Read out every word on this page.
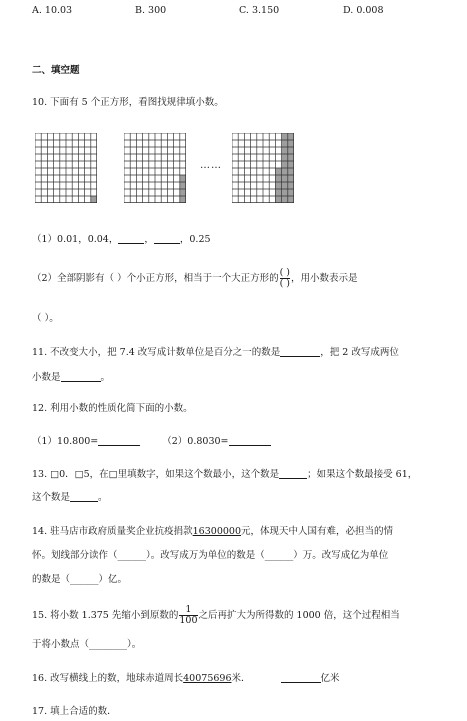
A. 10.03	B. 300	C. 3.150	D. 0.008
二、填空题
10. 下面有 5 个正方形，看图找规律填小数。
……
（1）0.01，0.04，	，	，0.25
（2）全部阴影有（ ）个小正方形，相当于一个大正方形的 $\frac{( )}{( )}$ ，用小数表示是
（ ）。
11. 不改变大小，把 7.4 改写成计数单位是百分之一的数是	，把 2 改写成两位
小数是	。
12. 利用小数的性质化简下面的小数。
（1）10.800=	（2）0.8030=
13. □0．□5，在□里填数字，如果这个数最小，这个数是	；如果这个数最接受 61，
这个数是	。
14. 驻马店市政府质量奖企业抗疫捐款16300000元，体现天中人国有难，必担当的情
怀。划线部分读作（______）。改写成万为单位的数是（______）万。改写成亿为单位
的数是（______）亿。
15. 将小数 1.375 先缩小到原数的 $\frac{1}{100}$ 之后再扩大为所得数的 1000 倍，这个过程相当
于将小数点（________）。
16. 改写横线上的数，地球赤道周长40075696米．	亿米
17. 填上合适的数．
